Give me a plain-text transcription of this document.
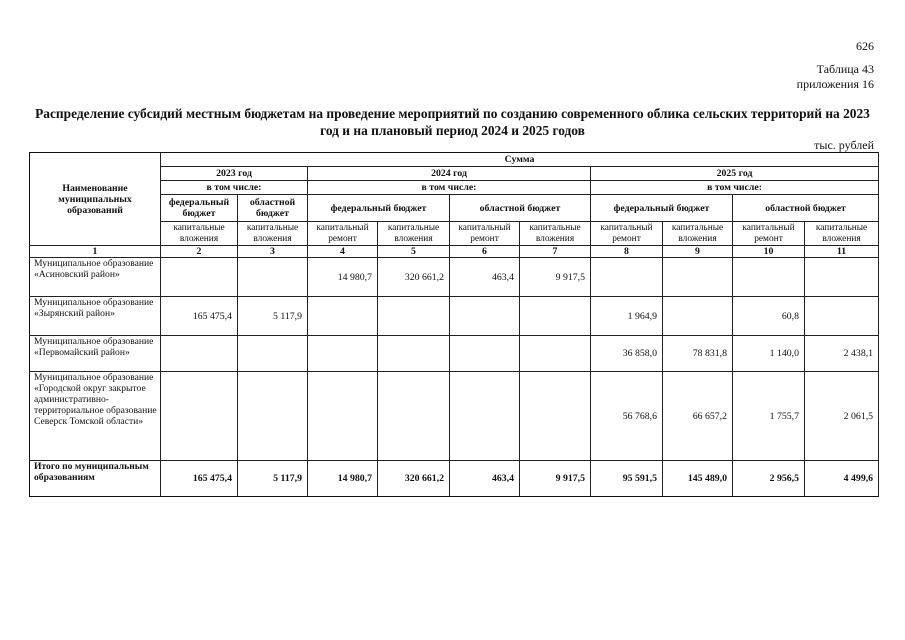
626
Таблица 43
приложения 16
Распределение субсидий местным бюджетам на проведение мероприятий по созданию современного облика сельских территорий на 2023 год и на плановый период 2024 и 2025 годов
тыс. рублей
Наименование муниципальных образований	Сумма									
	2023 год		2024 год				2025 год			
	в том числе:		в том числе:				в том числе:			
	федеральный бюджет	областной бюджет	федеральный бюджет		областной бюджет		федеральный бюджет		областной бюджет	
	капитальные вложения	капитальные вложения	капитальный ремонт	капитальные вложения	капитальный ремонт	капитальные вложения	капитальный ремонт	капитальные вложения	капитальный ремонт	капитальные вложения
1	2	3	4	5	6	7	8	9	10	11
Муниципальное образование «Асиновский район»			14 980,7	320 661,2	463,4	9 917,5				
Муниципальное образование «Зырянский район»	165 475,4	5 117,9					1 964,9		60,8	
Муниципальное образование «Первомайский район»							36 858,0	78 831,8	1 140,0	2 438,1
Муниципальное образование «Городской округ закрытое административно-территориальное образование Северск Томской области»							56 768,6	66 657,2	1 755,7	2 061,5
Итого по муниципальным образованиям	165 475,4	5 117,9	14 980,7	320 661,2	463,4	9 917,5	95 591,5	145 489,0	2 956,5	4 499,6
